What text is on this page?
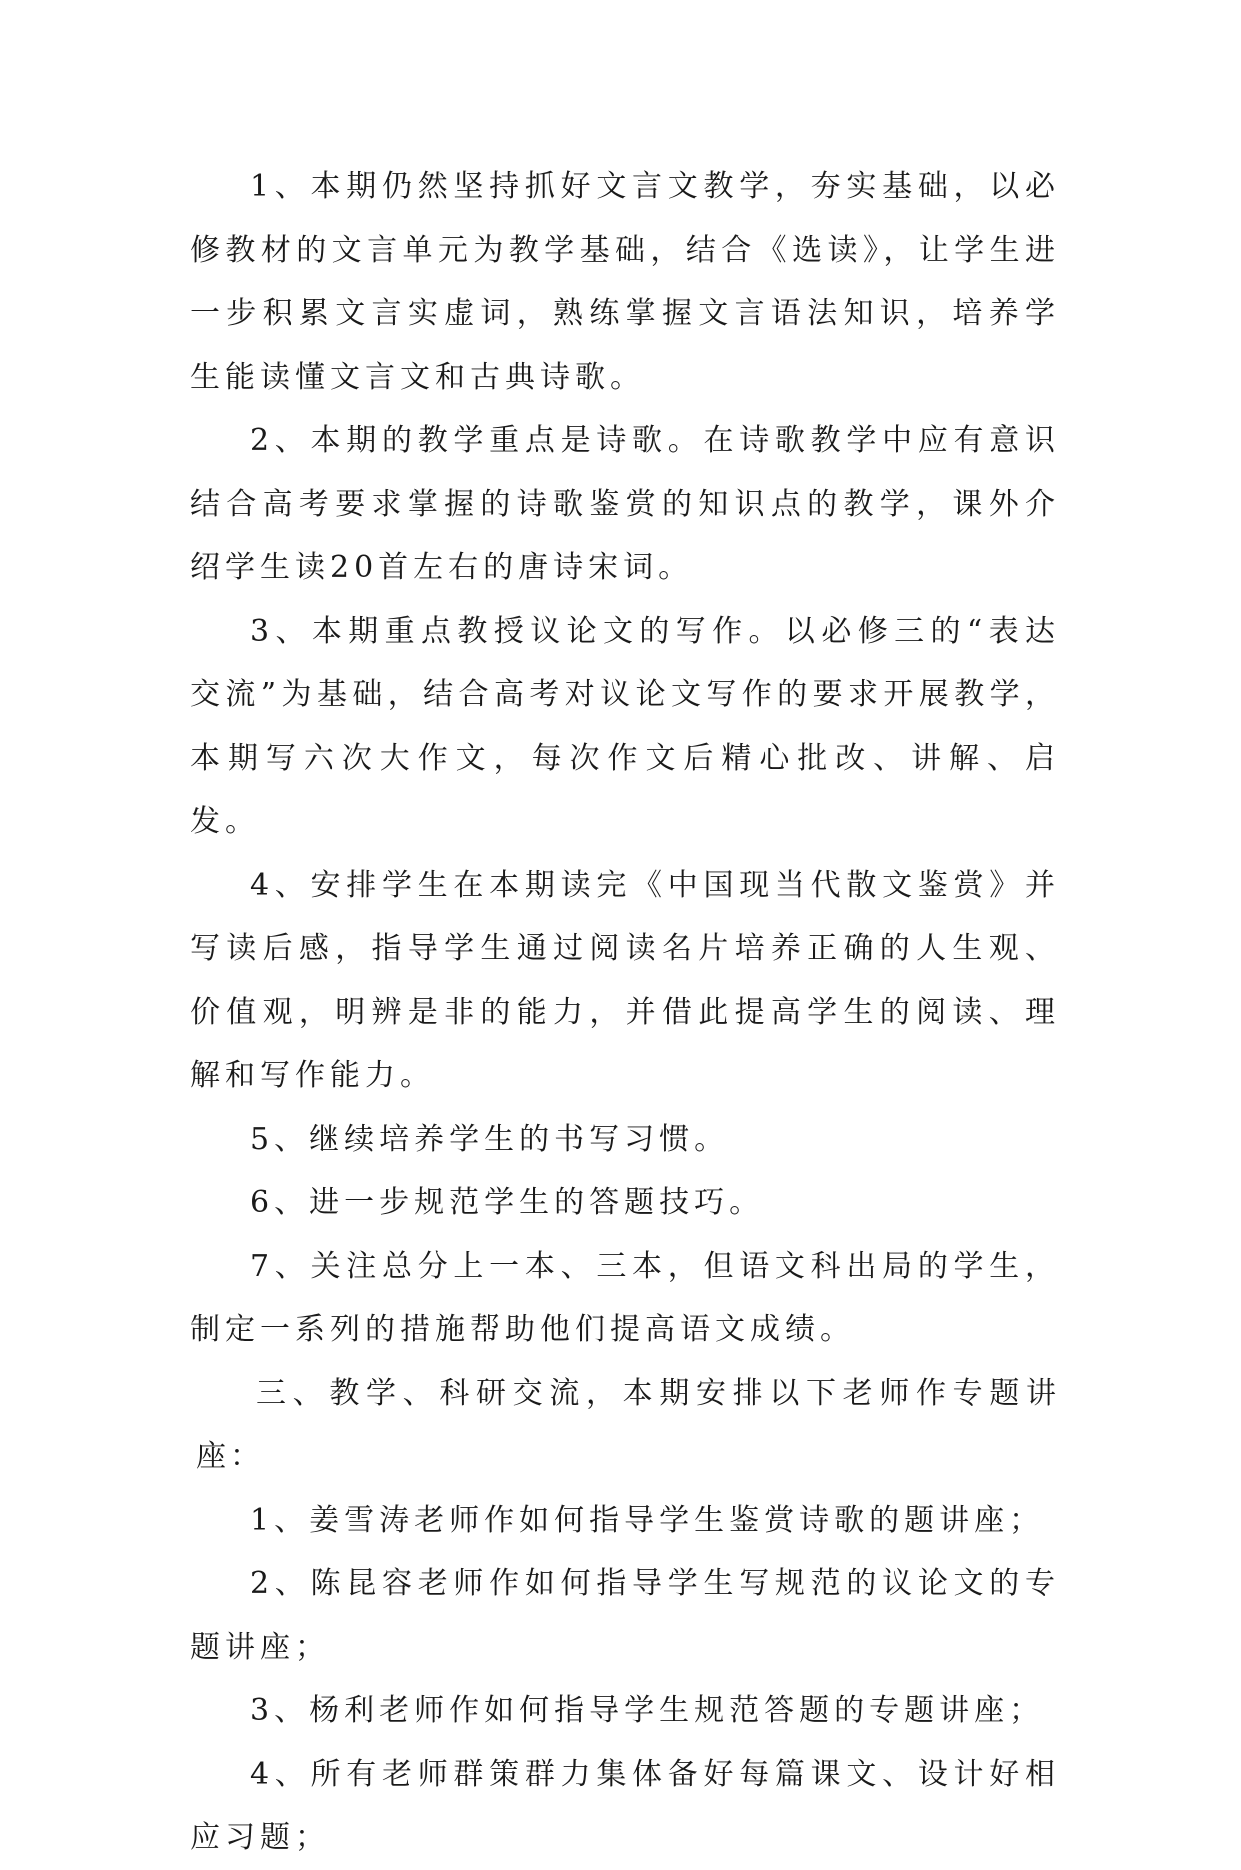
1、本期仍然坚持抓好文言文教学，夯实基础，以必修教材的文言单元为教学基础，结合《选读》，让学生进一步积累文言实虚词，熟练掌握文言语法知识，培养学生能读懂文言文和古典诗歌。

2、本期的教学重点是诗歌。在诗歌教学中应有意识结合高考要求掌握的诗歌鉴赏的知识点的教学，课外介绍学生读20首左右的唐诗宋词。

3、本期重点教授议论文的写作。以必修三的“表达交流”为基础，结合高考对议论文写作的要求开展教学，本期写六次大作文，每次作文后精心批改、讲解、启发。

4、安排学生在本期读完《中国现当代散文鉴赏》并写读后感，指导学生通过阅读名片培养正确的人生观、价值观，明辨是非的能力，并借此提高学生的阅读、理解和写作能力。

5、继续培养学生的书写习惯。

6、进一步规范学生的答题技巧。

7、关注总分上一本、三本，但语文科出局的学生，制定一系列的措施帮助他们提高语文成绩。

三、教学、科研交流，本期安排以下老师作专题讲座：

1、姜雪涛老师作如何指导学生鉴赏诗歌的题讲座；

2、陈昆容老师作如何指导学生写规范的议论文的专题讲座；

3、杨利老师作如何指导学生规范答题的专题讲座；

4、所有老师群策群力集体备好每篇课文、设计好相应习题；
